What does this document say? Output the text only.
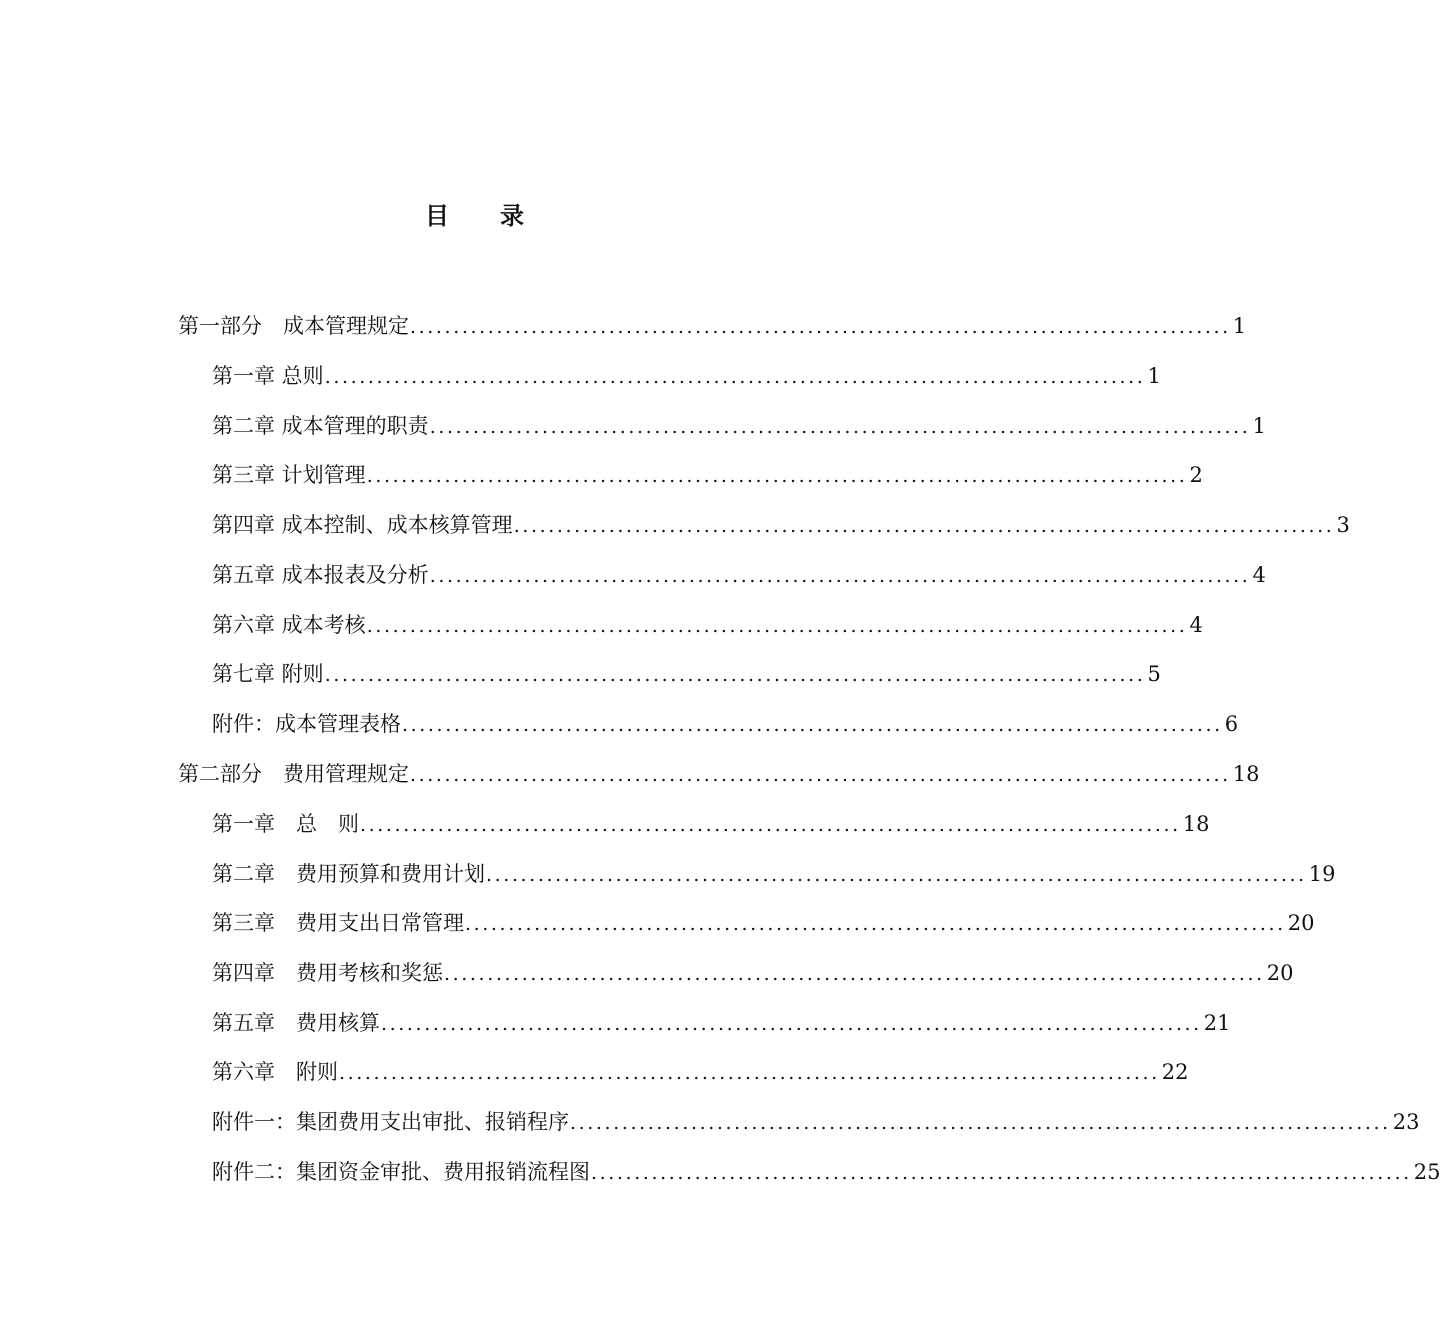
目　　录
第一部分　成本管理规定 ............................................................................................... 1
第一章 总则 ............................................................................................... 1
第二章 成本管理的职责 ............................................................................................... 1
第三章 计划管理 ............................................................................................... 2
第四章 成本控制、成本核算管理 ............................................................................................... 3
第五章 成本报表及分析 ............................................................................................... 4
第六章 成本考核 ............................................................................................... 4
第七章 附则 ............................................................................................... 5
附件：成本管理表格 ............................................................................................... 6
第二部分　费用管理规定 ............................................................................................... 18
第一章　总　则 ............................................................................................... 18
第二章　费用预算和费用计划 ............................................................................................... 19
第三章　费用支出日常管理 ............................................................................................... 20
第四章　费用考核和奖惩 ............................................................................................... 20
第五章　费用核算 ............................................................................................... 21
第六章　附则 ............................................................................................... 22
附件一：集团费用支出审批、报销程序 ............................................................................................... 23
附件二：集团资金审批、费用报销流程图 ............................................................................................... 25
